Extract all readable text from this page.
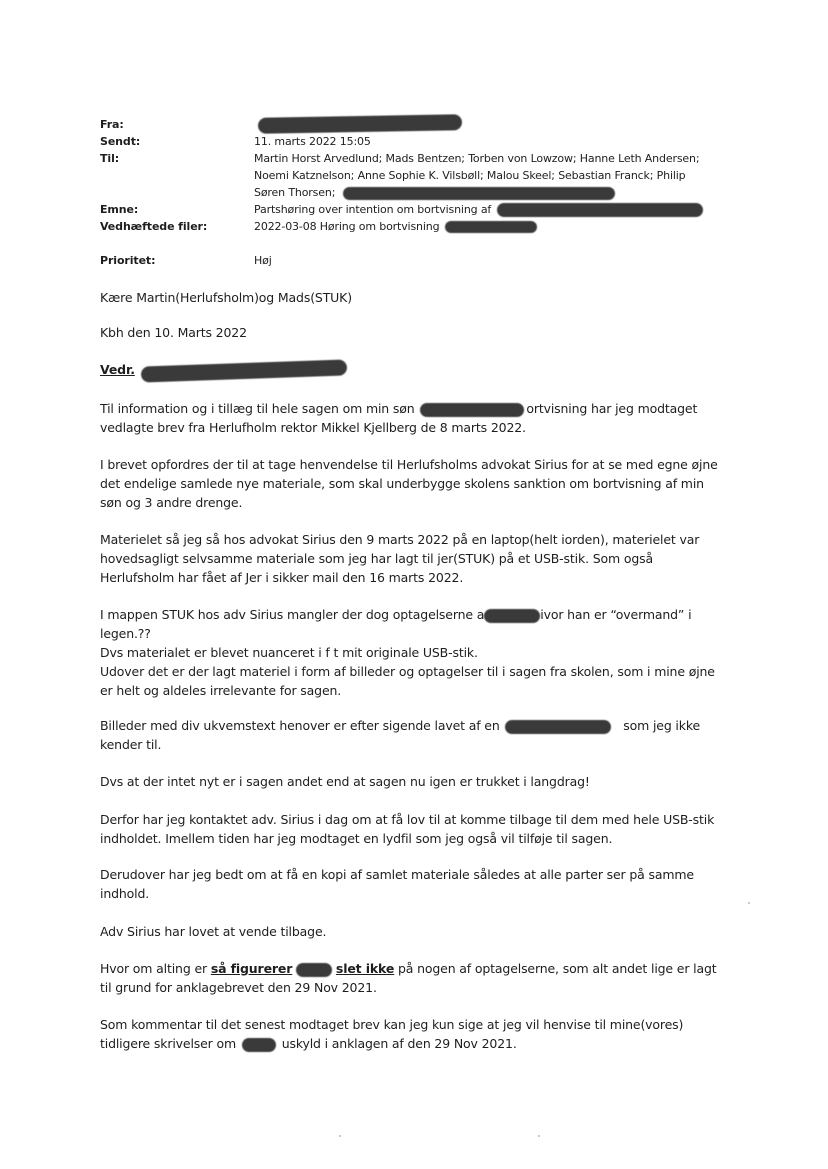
Fra:
Sendt:	11. marts 2022 15:05
Til:	Martin Horst Arvedlund; Mads Bentzen; Torben von Lowzow; Hanne Leth Andersen; Noemi Katznelson; Anne Sophie K. Vilsbøll; Malou Skeel; Sebastian Franck; Philip Søren Thorsen;
Emne:	Partshøring over intention om bortvisning af
Vedhæftede filer:	2022-03-08 Høring om bortvisning
Prioritet:	Høj
Kære Martin(Herlufsholm)og Mads(STUK)
Kbh den 10. Marts 2022
Vedr.
Til information og i tillæg til hele sagen om min søn	ortvisning har jeg modtaget vedlagte brev fra Herlufholm rektor Mikkel Kjellberg de 8 marts 2022.
I brevet opfordres der til at tage henvendelse til Herlufsholms advokat Sirius for at se med egne øjne det endelige samlede nye materiale, som skal underbygge skolens sanktion om bortvisning af min søn og 3 andre drenge.
Materielet så jeg så hos advokat Sirius den 9 marts 2022 på en laptop(helt iorden), materielet var hovedsagligt selvsamme materiale som jeg har lagt til jer(STUK) på et USB-stik. Som også Herlufsholm har fået af Jer i sikker mail den 16 marts 2022.
I mappen STUK hos adv Sirius mangler der dog optagelserne a	ivor han er “overmand” i legen.??
Dvs materialet er blevet nuanceret i f t mit originale USB-stik.
Udover det er der lagt materiel i form af billeder og optagelser til i sagen fra skolen, som i mine øjne er helt og aldeles irrelevante for sagen.
Billeder med div ukvemstext henover er efter sigende lavet af en	som jeg ikke kender til.
Dvs at der intet nyt er i sagen andet end at sagen nu igen er trukket i langdrag!
Derfor har jeg kontaktet adv. Sirius i dag om at få lov til at komme tilbage til dem med hele USB-stik indholdet. Imellem tiden har jeg modtaget en lydfil som jeg også vil tilføje til sagen.
Derudover har jeg bedt om at få en kopi af samlet materiale således at alle parter ser på samme indhold.
Adv Sirius har lovet at vende tilbage.
Hvor om alting er så figurerer	slet ikke på nogen af optagelserne, som alt andet lige er lagt til grund for anklagebrevet den 29 Nov 2021.
Som kommentar til det senest modtaget brev kan jeg kun sige at jeg vil henvise til mine(vores) tidligere skrivelser om	uskyld i anklagen af den 29 Nov 2021.
